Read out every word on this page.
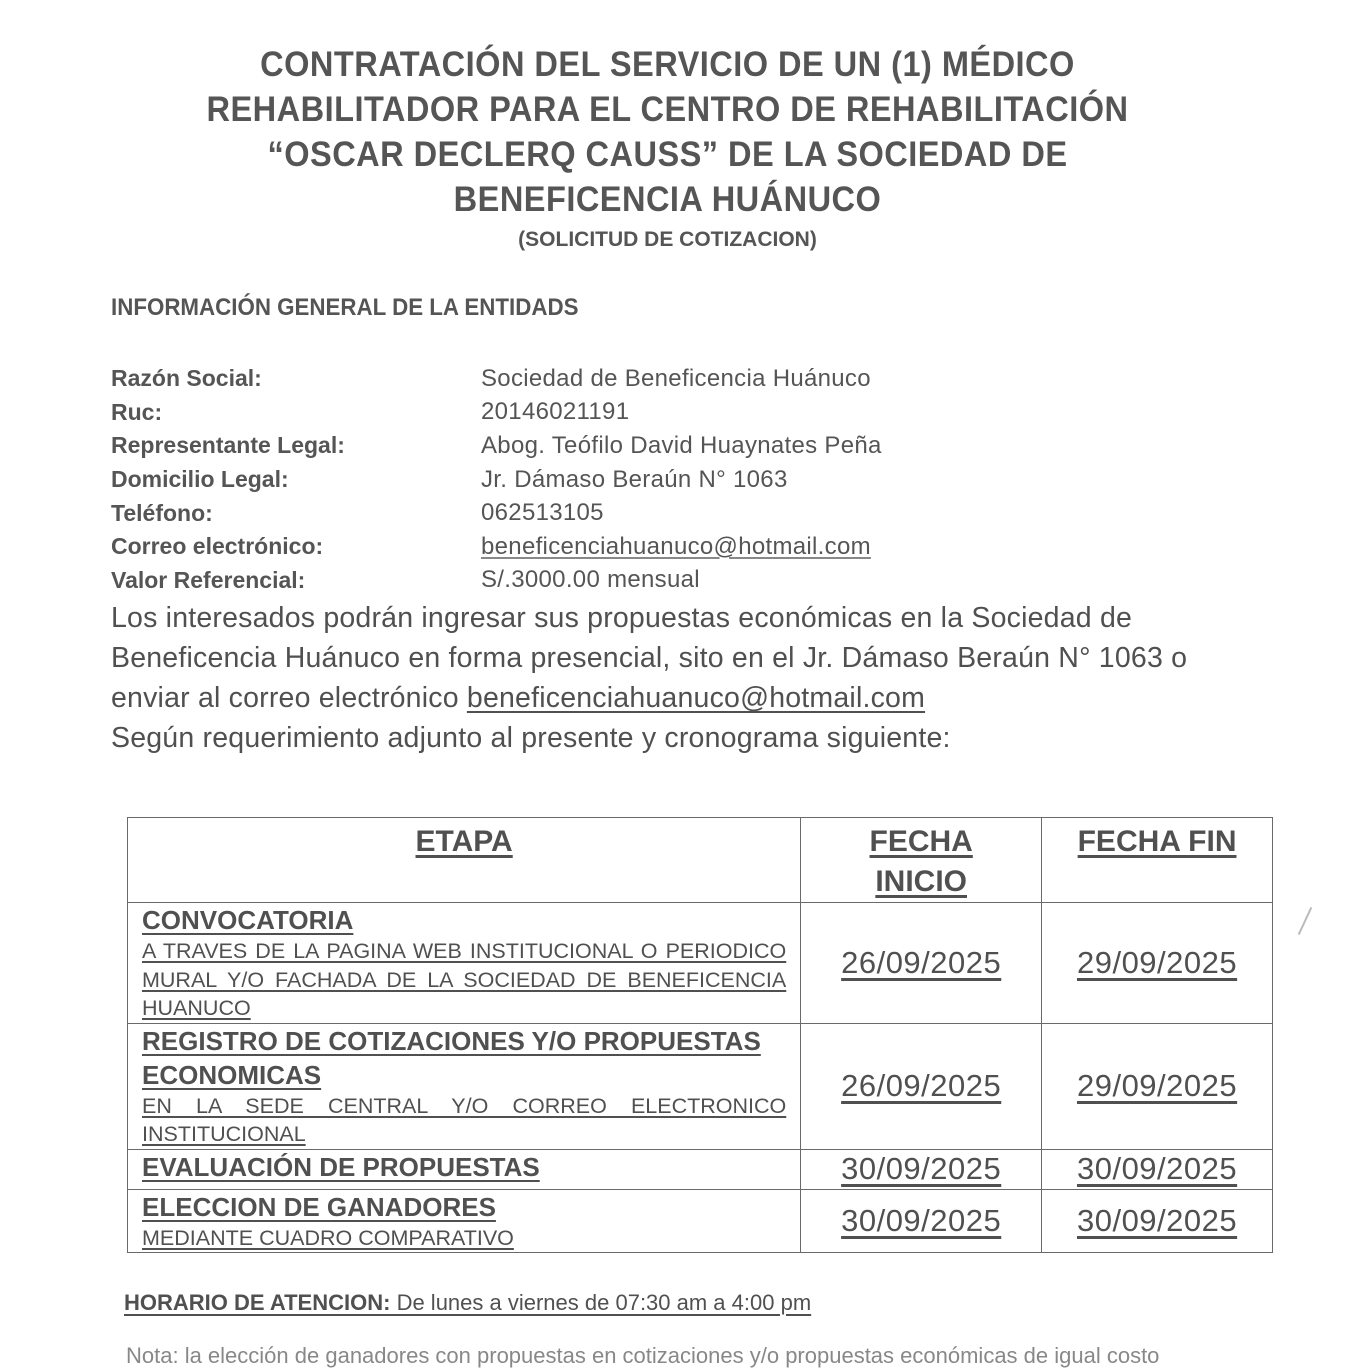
CONTRATACIÓN DEL SERVICIO DE UN (1) MÉDICO
REHABILITADOR PARA EL CENTRO DE REHABILITACIÓN
“OSCAR DECLERQ CAUSS” DE LA SOCIEDAD DE
BENEFICENCIA HUÁNUCO
(SOLICITUD DE COTIZACION)
INFORMACIÓN GENERAL DE LA ENTIDADS
Razón Social:	Sociedad de Beneficencia Huánuco
Ruc:	20146021191
Representante Legal:	Abog. Teófilo David Huaynates Peña
Domicilio Legal:	Jr. Dámaso Beraún N° 1063
Teléfono:	062513105
Correo electrónico:	beneficenciahuanuco@hotmail.com
Valor Referencial:	S/.3000.00 mensual
Los interesados podrán ingresar sus propuestas económicas en la Sociedad de Beneficencia Huánuco en forma presencial, sito en el Jr. Dámaso Beraún N° 1063 o enviar al correo electrónico beneficenciahuanuco@hotmail.com
Según requerimiento adjunto al presente y cronograma siguiente:
ETAPA	FECHA INICIO	FECHA FIN

CONVOCATORIA
A TRAVES DE LA PAGINA WEB INSTITUCIONAL O PERIODICO MURAL Y/O FACHADA DE LA SOCIEDAD DE BENEFICENCIA HUANUCO	26/09/2025	29/09/2025

REGISTRO DE COTIZACIONES Y/O PROPUESTAS ECONOMICAS
EN LA SEDE CENTRAL Y/O CORREO ELECTRONICO INSTITUCIONAL	26/09/2025	29/09/2025

EVALUACIÓN DE PROPUESTAS	30/09/2025	30/09/2025

ELECCION DE GANADORES
MEDIANTE CUADRO COMPARATIVO	30/09/2025	30/09/2025
HORARIO DE ATENCION: De lunes a viernes de 07:30 am a 4:00 pm
Nota: la elección de ganadores con propuestas en cotizaciones y/o propuestas económicas de igual costo
